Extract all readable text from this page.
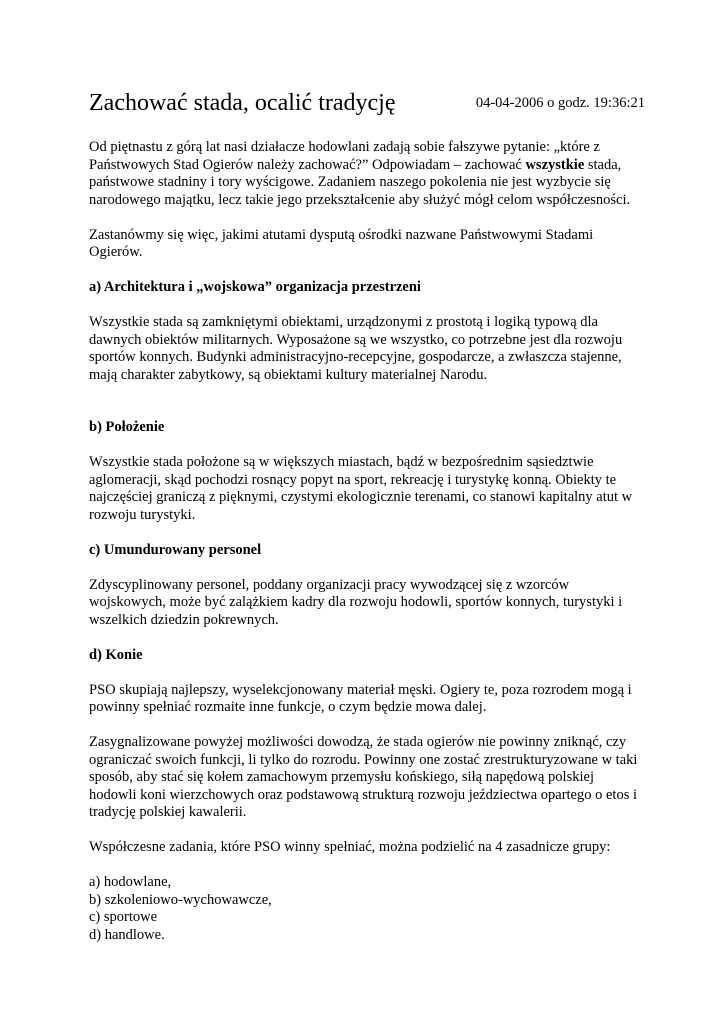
Zachować stada, ocalić tradycję	04-04-2006 o godz. 19:36:21

Od piętnastu z górą lat nasi działacze hodowlani zadają sobie fałszywe pytanie: „które z Państwowych Stad Ogierów należy zachować?” Odpowiadam – zachować wszystkie stada, państwowe stadniny i tory wyścigowe. Zadaniem naszego pokolenia nie jest wyzbycie się narodowego majątku, lecz takie jego przekształcenie aby służyć mógł celom współczesności.

Zastanówmy się więc, jakimi atutami dysputą ośrodki nazwane Państwowymi Stadami Ogierów.

a) Architektura i „wojskowa” organizacja przestrzeni

Wszystkie stada są zamkniętymi obiektami, urządzonymi z prostotą i logiką typową dla dawnych obiektów militarnych. Wyposażone są we wszystko, co potrzebne jest dla rozwoju sportów konnych. Budynki administracyjno-recepcyjne, gospodarcze, a zwłaszcza stajenne, mają charakter zabytkowy, są obiektami kultury materialnej Narodu.

b) Położenie

Wszystkie stada położone są w większych miastach, bądź w bezpośrednim sąsiedztwie aglomeracji, skąd pochodzi rosnący popyt na sport, rekreację i turystykę konną. Obiekty te najczęściej graniczą z pięknymi, czystymi ekologicznie terenami, co stanowi kapitalny atut w rozwoju turystyki.

c) Umundurowany personel

Zdyscyplinowany personel, poddany organizacji pracy wywodzącej się z wzorców wojskowych, może być zalążkiem kadry dla rozwoju hodowli, sportów konnych, turystyki i wszelkich dziedzin pokrewnych.

d) Konie

PSO skupiają najlepszy, wyselekcjonowany materiał męski. Ogiery te, poza rozrodem mogą i powinny spełniać rozmaite inne funkcje, o czym będzie mowa dalej.

Zasygnalizowane powyżej możliwości dowodzą, że stada ogierów nie powinny zniknąć, czy ograniczać swoich funkcji, li tylko do rozrodu. Powinny one zostać zrestrukturyzowane w taki sposób, aby stać się kołem zamachowym przemysłu końskiego, siłą napędową polskiej hodowli koni wierzchowych oraz podstawową strukturą rozwoju jeździectwa opartego o etos i tradycję polskiej kawalerii.

Współczesne zadania, które PSO winny spełniać, można podzielić na 4 zasadnicze grupy:

a) hodowlane,
b) szkoleniowo-wychowawcze,
c) sportowe
d) handlowe.
